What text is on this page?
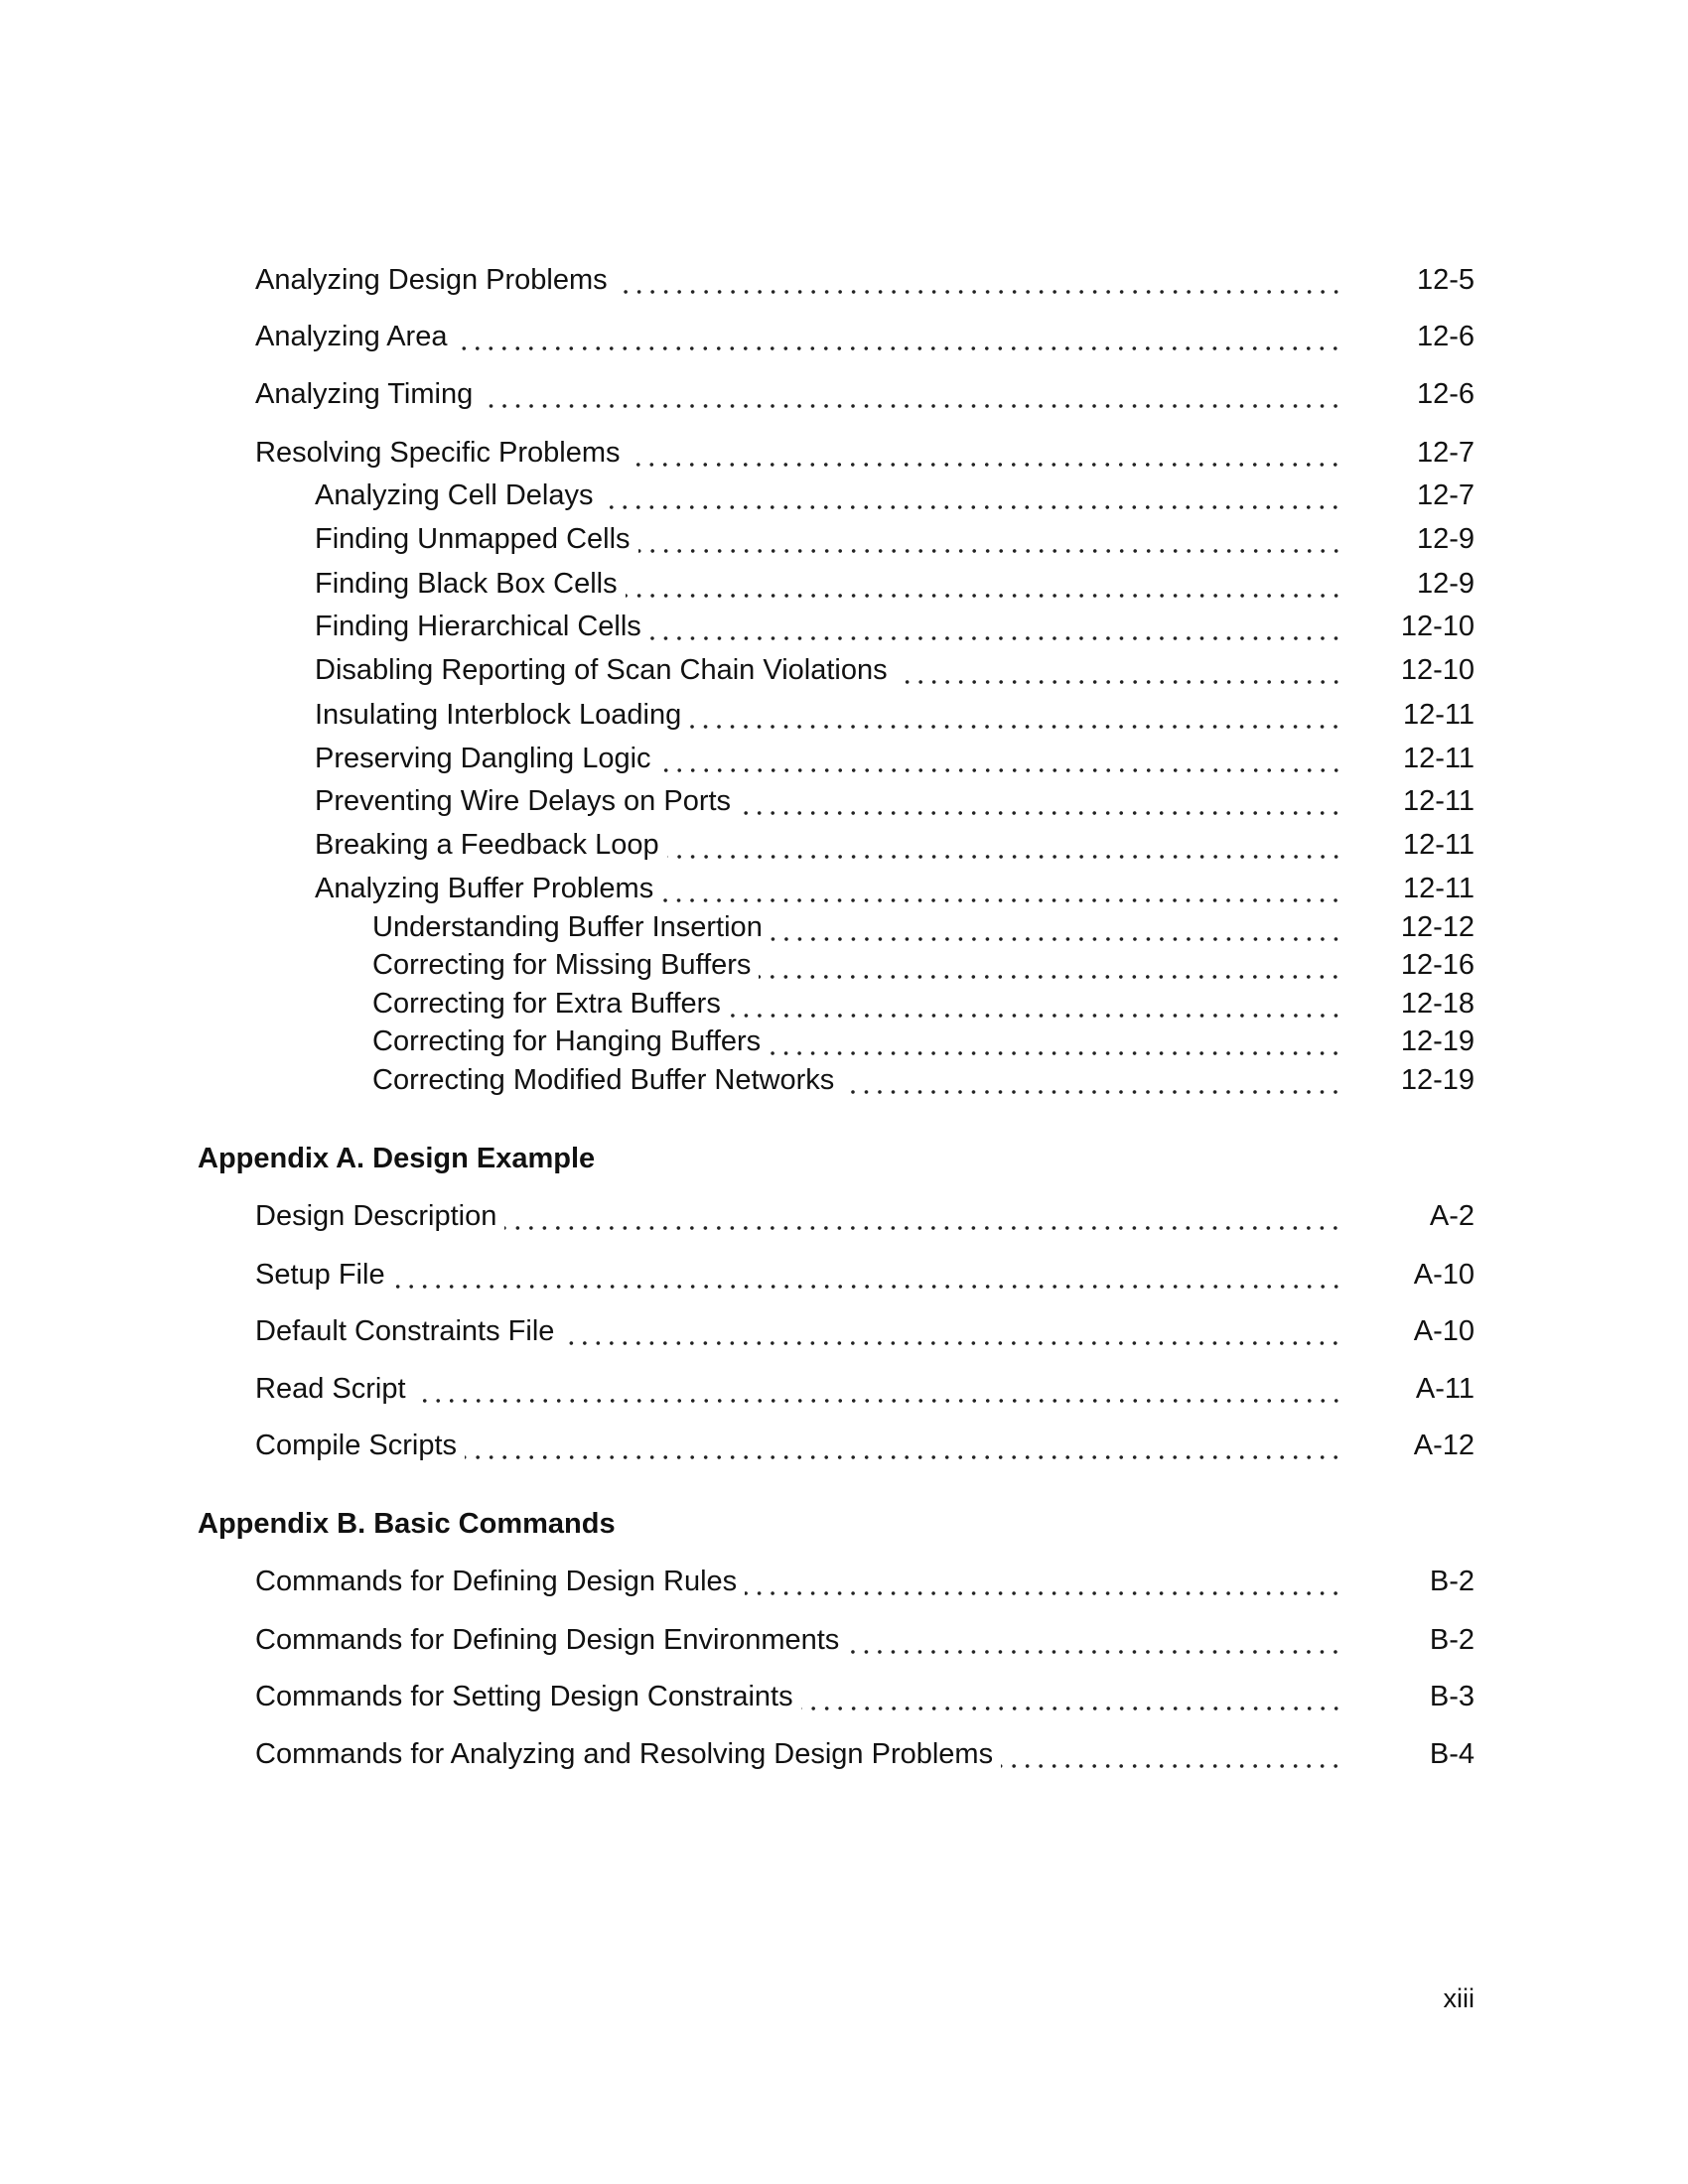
Analyzing Design Problems	12-5
Analyzing Area	12-6
Analyzing Timing	12-6
Resolving Specific Problems	12-7
Analyzing Cell Delays	12-7
Finding Unmapped Cells	12-9
Finding Black Box Cells	12-9
Finding Hierarchical Cells	12-10
Disabling Reporting of Scan Chain Violations	12-10
Insulating Interblock Loading	12-11
Preserving Dangling Logic	12-11
Preventing Wire Delays on Ports	12-11
Breaking a Feedback Loop	12-11
Analyzing Buffer Problems	12-11
Understanding Buffer Insertion	12-12
Correcting for Missing Buffers	12-16
Correcting for Extra Buffers	12-18
Correcting for Hanging Buffers	12-19
Correcting Modified Buffer Networks	12-19
Appendix A. Design Example
Design Description	A-2
Setup File	A-10
Default Constraints File	A-10
Read Script	A-11
Compile Scripts	A-12
Appendix B. Basic Commands
Commands for Defining Design Rules	B-2
Commands for Defining Design Environments	B-2
Commands for Setting Design Constraints	B-3
Commands for Analyzing and Resolving Design Problems	B-4
xiii
